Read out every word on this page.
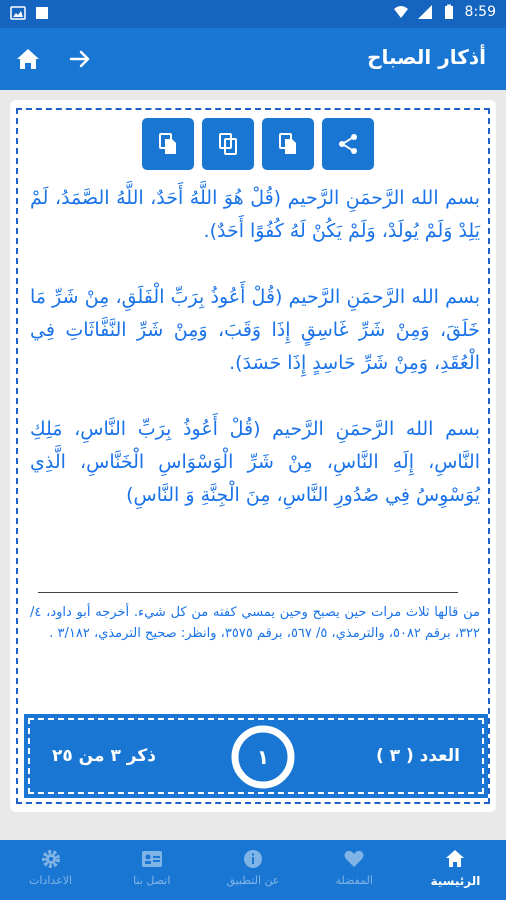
8:59
أذكار الصباح

بسم الله الرَّحمَنِ الرَّحيم (قُلْ هُوَ اللَّهُ أَحَدٌ، اللَّهُ الصَّمَدُ، لَمْ يَلِدْ وَلَمْ يُولَدْ، وَلَمْ يَكُنْ لَهُ كُفُوًا أَحَدٌ).

بسم الله الرَّحمَنِ الرَّحيم (قُلْ أَعُوذُ بِرَبِّ الْفَلَقِ، مِنْ شَرِّ مَا خَلَقَ، وَمِنْ شَرِّ غَاسِقٍ إِذَا وَقَبَ، وَمِنْ شَرِّ النَّفَّاثَاتِ فِي الْعُقَدِ، وَمِنْ شَرِّ حَاسِدٍ إِذَا حَسَدَ).

بسم الله الرَّحمَنِ الرَّحيم (قُلْ أَعُوذُ بِرَبِّ النَّاسِ، مَلِكِ النَّاسِ، إِلَهِ النَّاسِ، مِنْ شَرِّ الْوَسْوَاسِ الْخَنَّاسِ، الَّذِي يُوَسْوِسُ فِي صُدُورِ النَّاسِ، مِنَ الْجِنَّةِ وَ النَّاسِ)

من قالها ثلاث مرات حين يصبح وحين يمسي كفته من كل شيء. أخرجه أبو داود، ٤/ ٣٢٢، برقم ٥٠٨٢، والترمذي، ٥/ ٥٦٧، برقم ٣٥٧٥، وانظر: صحيح الترمذي، ٣/١٨٢ .
العدد ( ٣ )
١
ذكر ٣ من ٢٥
الرئيسية
المفضلة
عن التطبيق
اتصل بنا
الاعدادات
